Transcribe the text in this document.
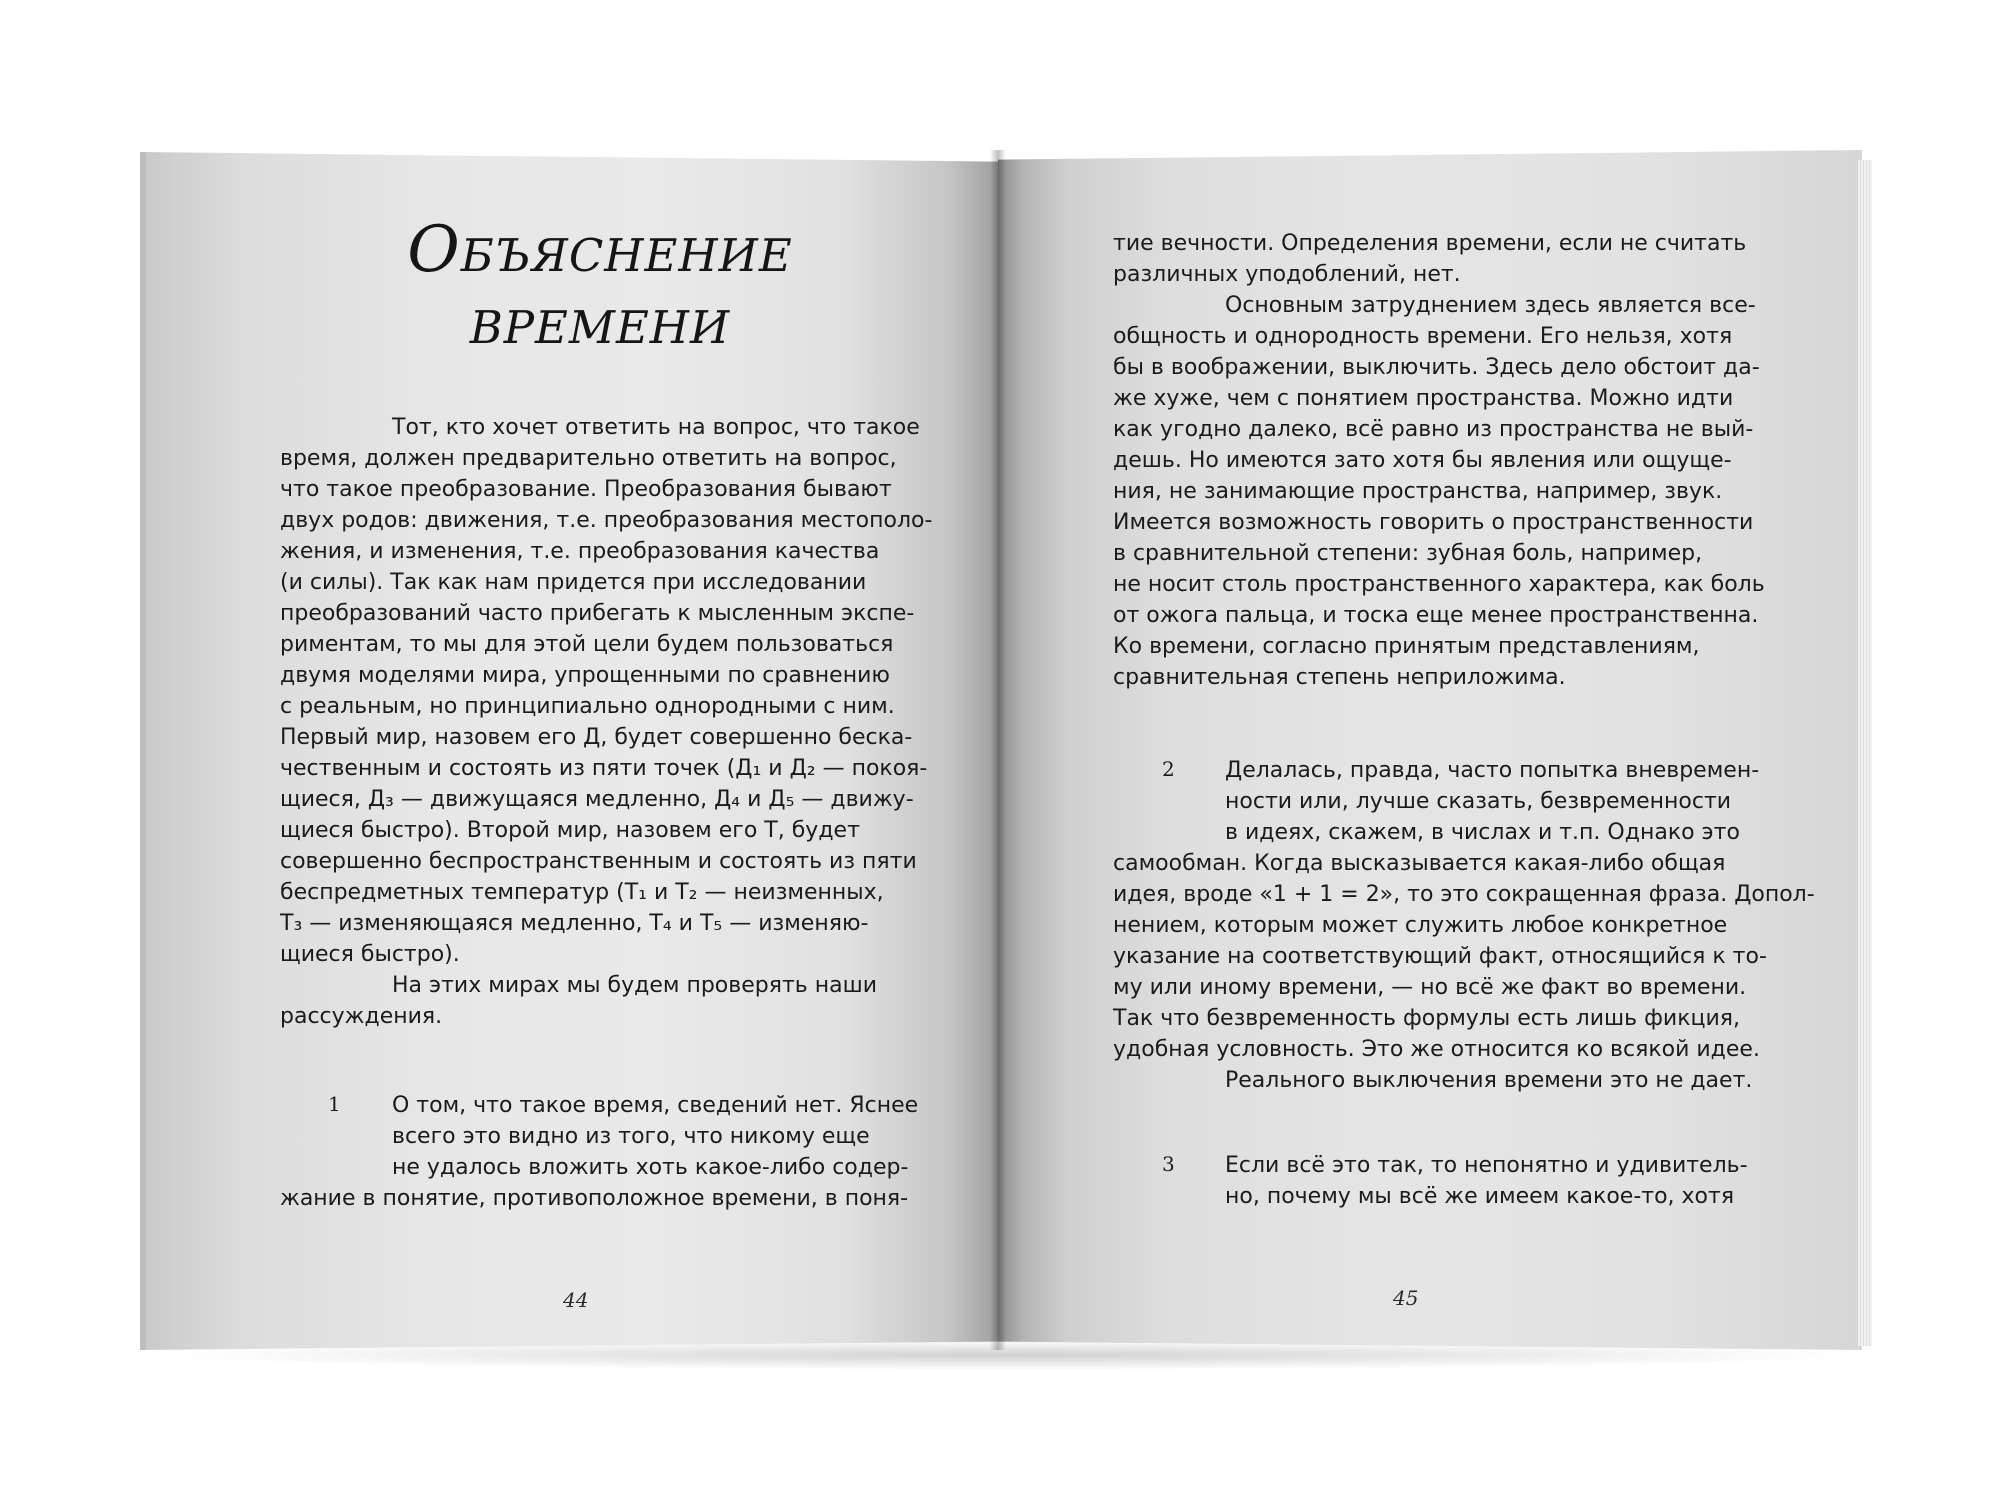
Объяснение
времени
Тот, кто хочет ответить на вопрос, что такое
время, должен предварительно ответить на вопрос,
что такое преобразование. Преобразования бывают
двух родов: движения, т.е. преобразования местополо-
жения, и изменения, т.е. преобразования качества
(и силы). Так как нам придется при исследовании
преобразований часто прибегать к мысленным экспе-
риментам, то мы для этой цели будем пользоваться
двумя моделями мира, упрощенными по сравнению
с реальным, но принципиально однородными с ним.
Первый мир, назовем его Д, будет совершенно беска-
чественным и состоять из пяти точек (Д₁ и Д₂ — покоя-
щиеся, Д₃ — движущаяся медленно, Д₄ и Д₅ — движу-
щиеся быстро). Второй мир, назовем его Т, будет
совершенно беспространственным и состоять из пяти
беспредметных температур (Т₁ и Т₂ — неизменных,
Т₃ — изменяющаяся медленно, Т₄ и Т₅ — изменяю-
щиеся быстро).
На этих мирах мы будем проверять наши
рассуждения.
1	О том, что такое время, сведений нет. Яснее
всего это видно из того, что никому еще
не удалось вложить хоть какое-либо содер-
жание в понятие, противоположное времени, в поня-
44
тие вечности. Определения времени, если не считать
различных уподоблений, нет.
Основным затруднением здесь является все-
общность и однородность времени. Его нельзя, хотя
бы в воображении, выключить. Здесь дело обстоит да-
же хуже, чем с понятием пространства. Можно идти
как угодно далеко, всё равно из пространства не вый-
дешь. Но имеются зато хотя бы явления или ощуще-
ния, не занимающие пространства, например, звук.
Имеется возможность говорить о пространственности
в сравнительной степени: зубная боль, например,
не носит столь пространственного характера, как боль
от ожога пальца, и тоска еще менее пространственна.
Ко времени, согласно принятым представлениям,
сравнительная степень неприложима.
2	Делалась, правда, часто попытка вневремен-
ности или, лучше сказать, безвременности
в идеях, скажем, в числах и т.п. Однако это
самообман. Когда высказывается какая-либо общая
идея, вроде «1 + 1 = 2», то это сокращенная фраза. Допол-
нением, которым может служить любое конкретное
указание на соответствующий факт, относящийся к то-
му или иному времени, — но всё же факт во времени.
Так что безвременность формулы есть лишь фикция,
удобная условность. Это же относится ко всякой идее.
Реального выключения времени это не дает.
3	Если всё это так, то непонятно и удивитель-
но, почему мы всё же имеем какое-то, хотя
45
